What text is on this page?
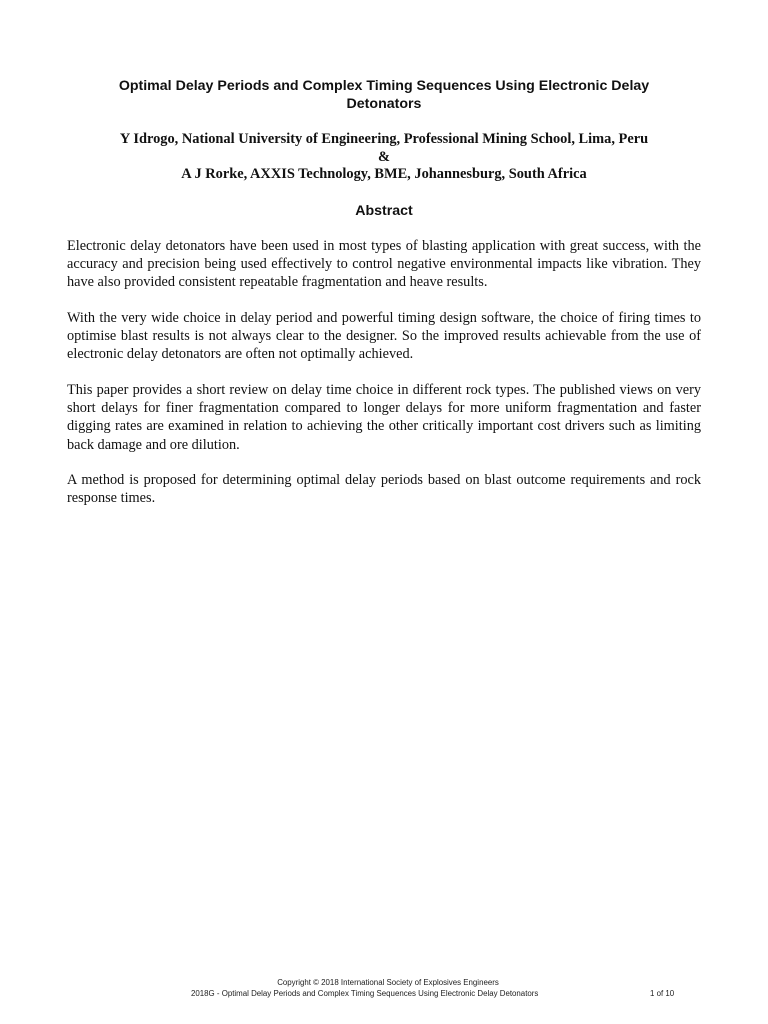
Optimal Delay Periods and Complex Timing Sequences Using Electronic Delay Detonators
Y Idrogo, National University of Engineering, Professional Mining School, Lima, Peru
&
A J Rorke, AXXIS Technology, BME, Johannesburg, South Africa
Abstract

Electronic delay detonators have been used in most types of blasting application with great success, with the accuracy and precision being used effectively to control negative environmental impacts like vibration. They have also provided consistent repeatable fragmentation and heave results.

With the very wide choice in delay period and powerful timing design software, the choice of firing times to optimise blast results is not always clear to the designer. So the improved results achievable from the use of electronic delay detonators are often not optimally achieved.

This paper provides a short review on delay time choice in different rock types. The published views on very short delays for finer fragmentation compared to longer delays for more uniform fragmentation and faster digging rates are examined in relation to achieving the other critically important cost drivers such as limiting back damage and ore dilution.

A method is proposed for determining optimal delay periods based on blast outcome requirements and rock response times.

Copyright © 2018 International Society of Explosives Engineers
2018G - Optimal Delay Periods and Complex Timing Sequences Using Electronic Delay Detonators	1 of 10
